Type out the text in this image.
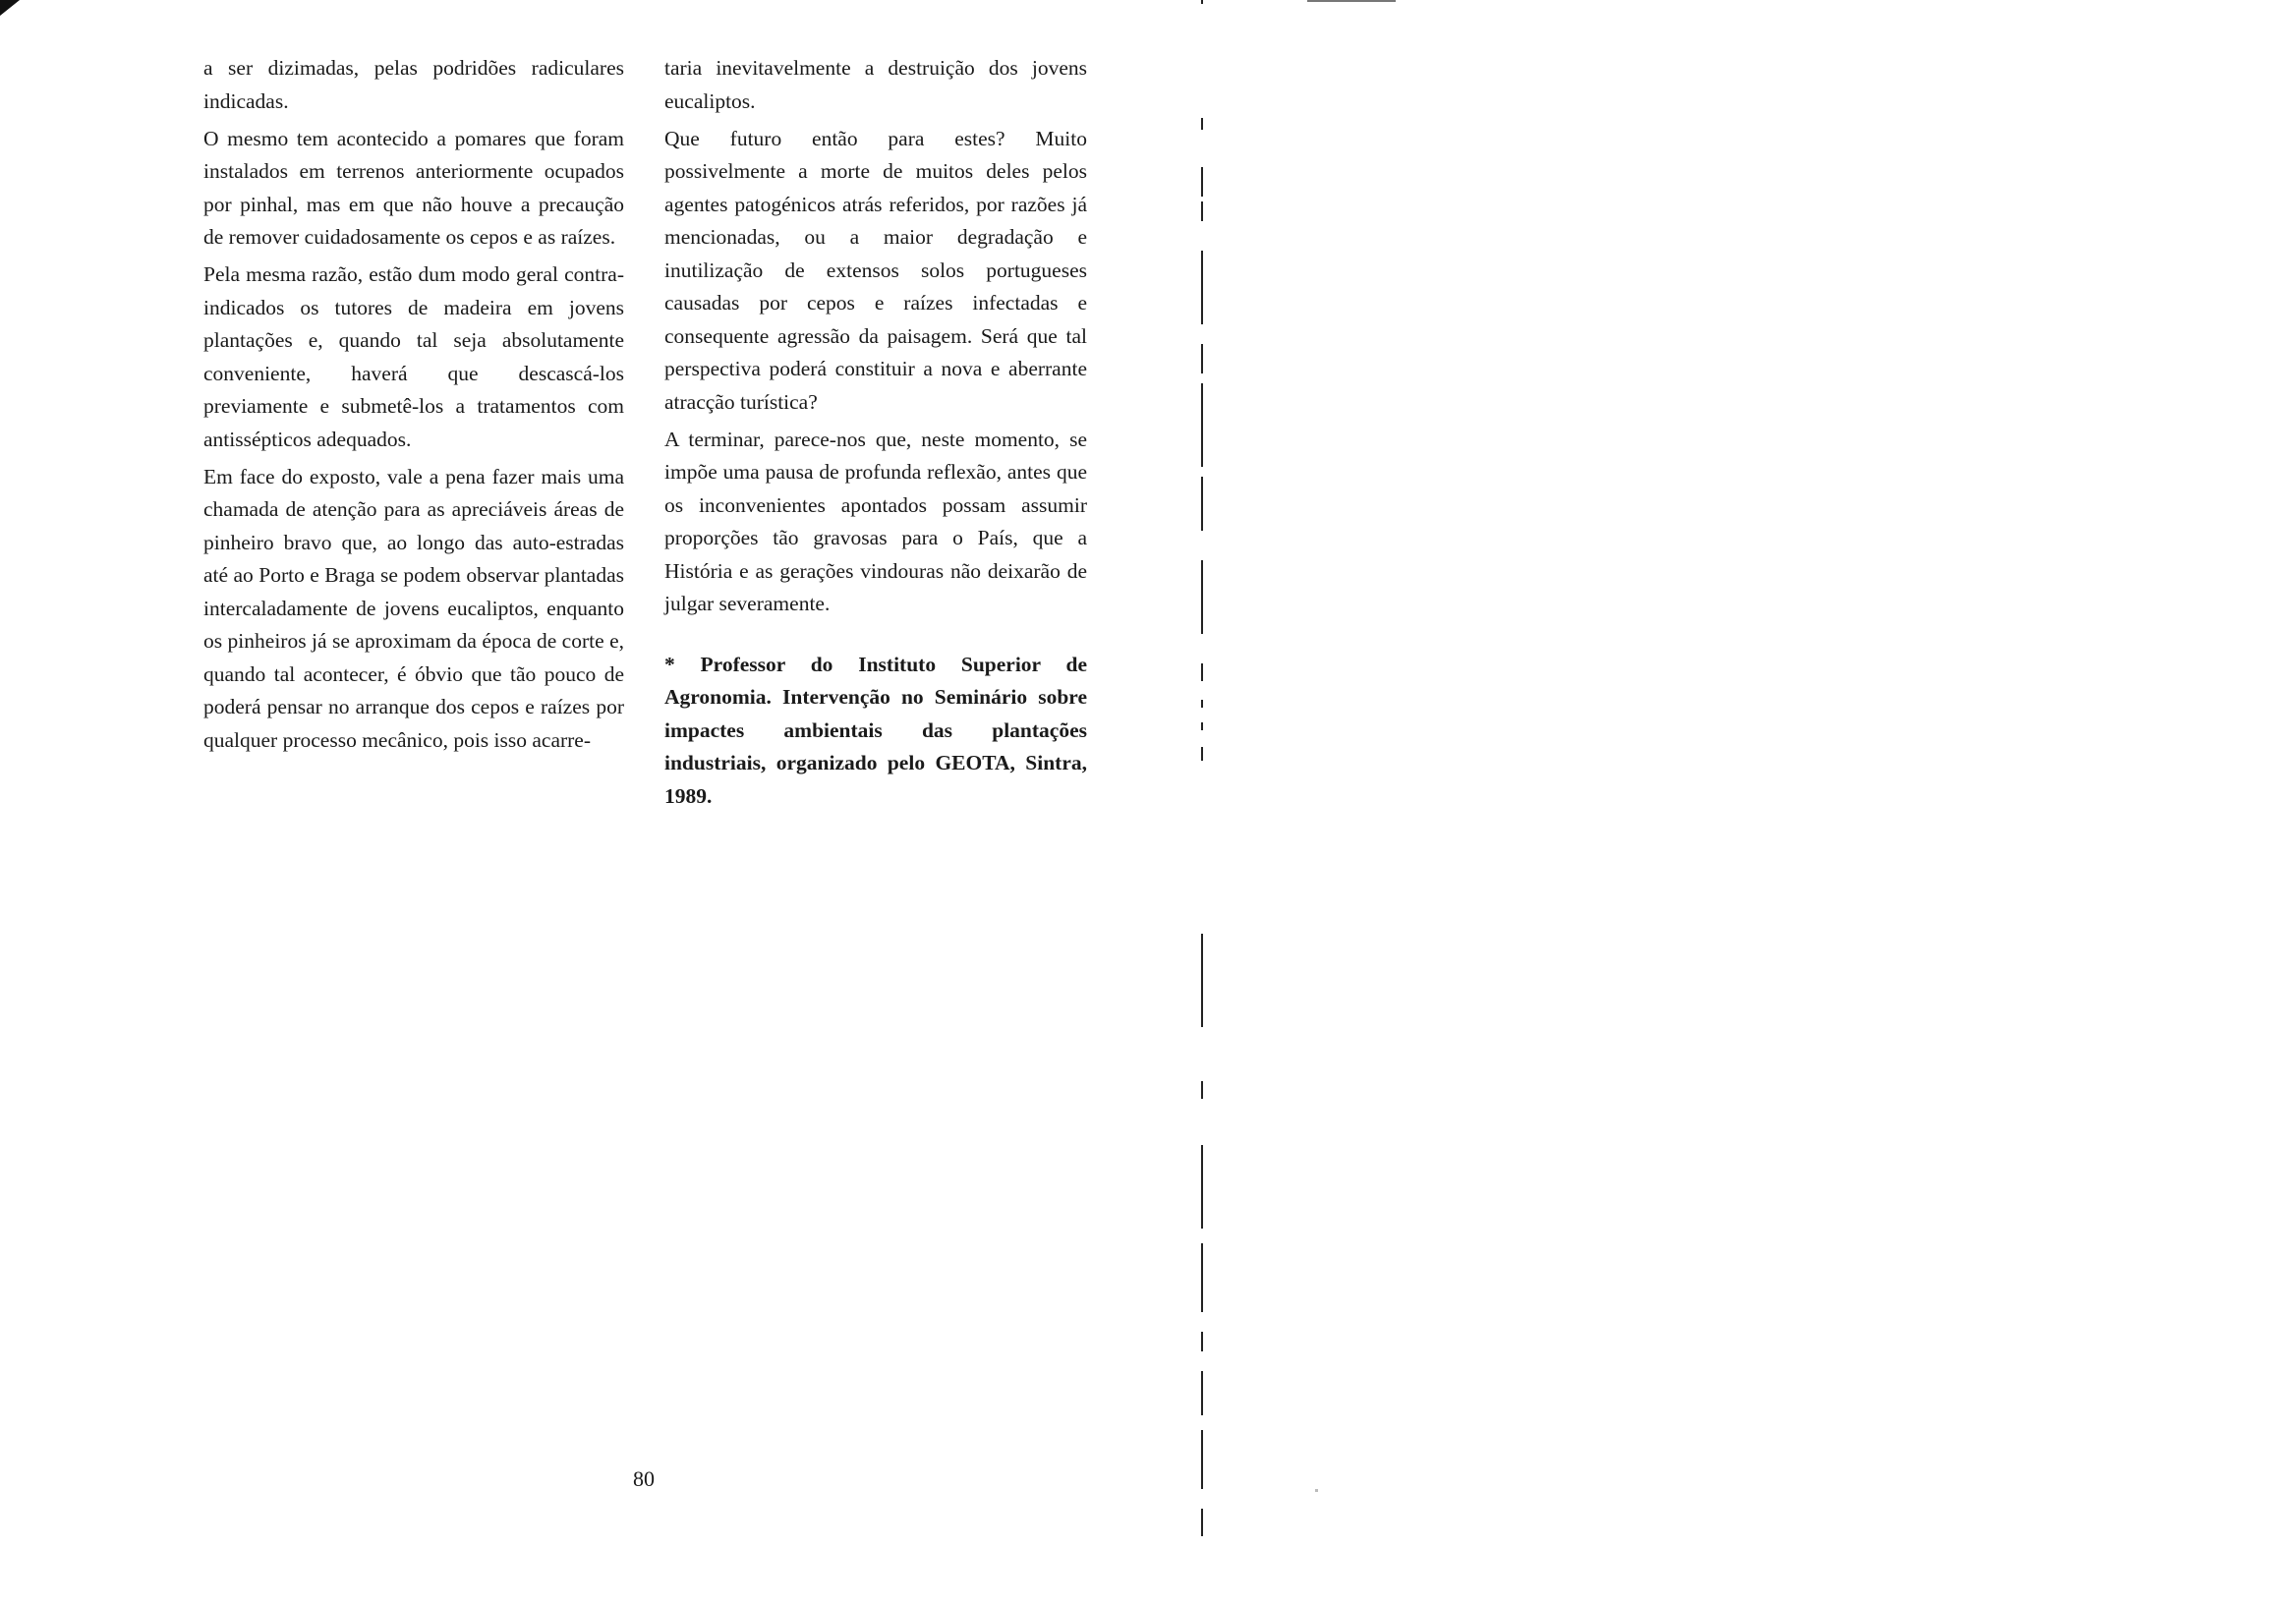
a ser dizimadas, pelas podridões radiculares indicadas.

O mesmo tem acontecido a pomares que foram instalados em terrenos anteriormente ocupados por pinhal, mas em que não houve a precaução de remover cuidadosamente os cepos e as raízes.

Pela mesma razão, estão dum modo geral contra-indicados os tutores de madeira em jovens plantações e, quando tal seja absolutamente conveniente, haverá que descascá-los previamente e submetê-los a tratamentos com antissépticos adequados.

Em face do exposto, vale a pena fazer mais uma chamada de atenção para as apreciáveis áreas de pinheiro bravo que, ao longo das auto-estradas até ao Porto e Braga se podem observar plantadas intercaladamente de jovens eucaliptos, enquanto os pinheiros já se aproximam da época de corte e, quando tal acontecer, é óbvio que tão pouco de poderá pensar no arranque dos cepos e raízes por qualquer processo mecânico, pois isso acarre-

taria inevitavelmente a destruição dos jovens eucaliptos.

Que futuro então para estes? Muito possivelmente a morte de muitos deles pelos agentes patogénicos atrás referidos, por razões já mencionadas, ou a maior degradação e inutilização de extensos solos portugueses causadas por cepos e raízes infectadas e consequente agressão da paisagem. Será que tal perspectiva poderá constituir a nova e aberrante atracção turística?

A terminar, parece-nos que, neste momento, se impõe uma pausa de profunda reflexão, antes que os inconvenientes apontados possam assumir proporções tão gravosas para o País, que a História e as gerações vindouras não deixarão de julgar severamente.

* Professor do Instituto Superior de Agronomia. Intervenção no Seminário sobre impactes ambientais das plantações industriais, organizado pelo GEOTA, Sintra, 1989.

80
